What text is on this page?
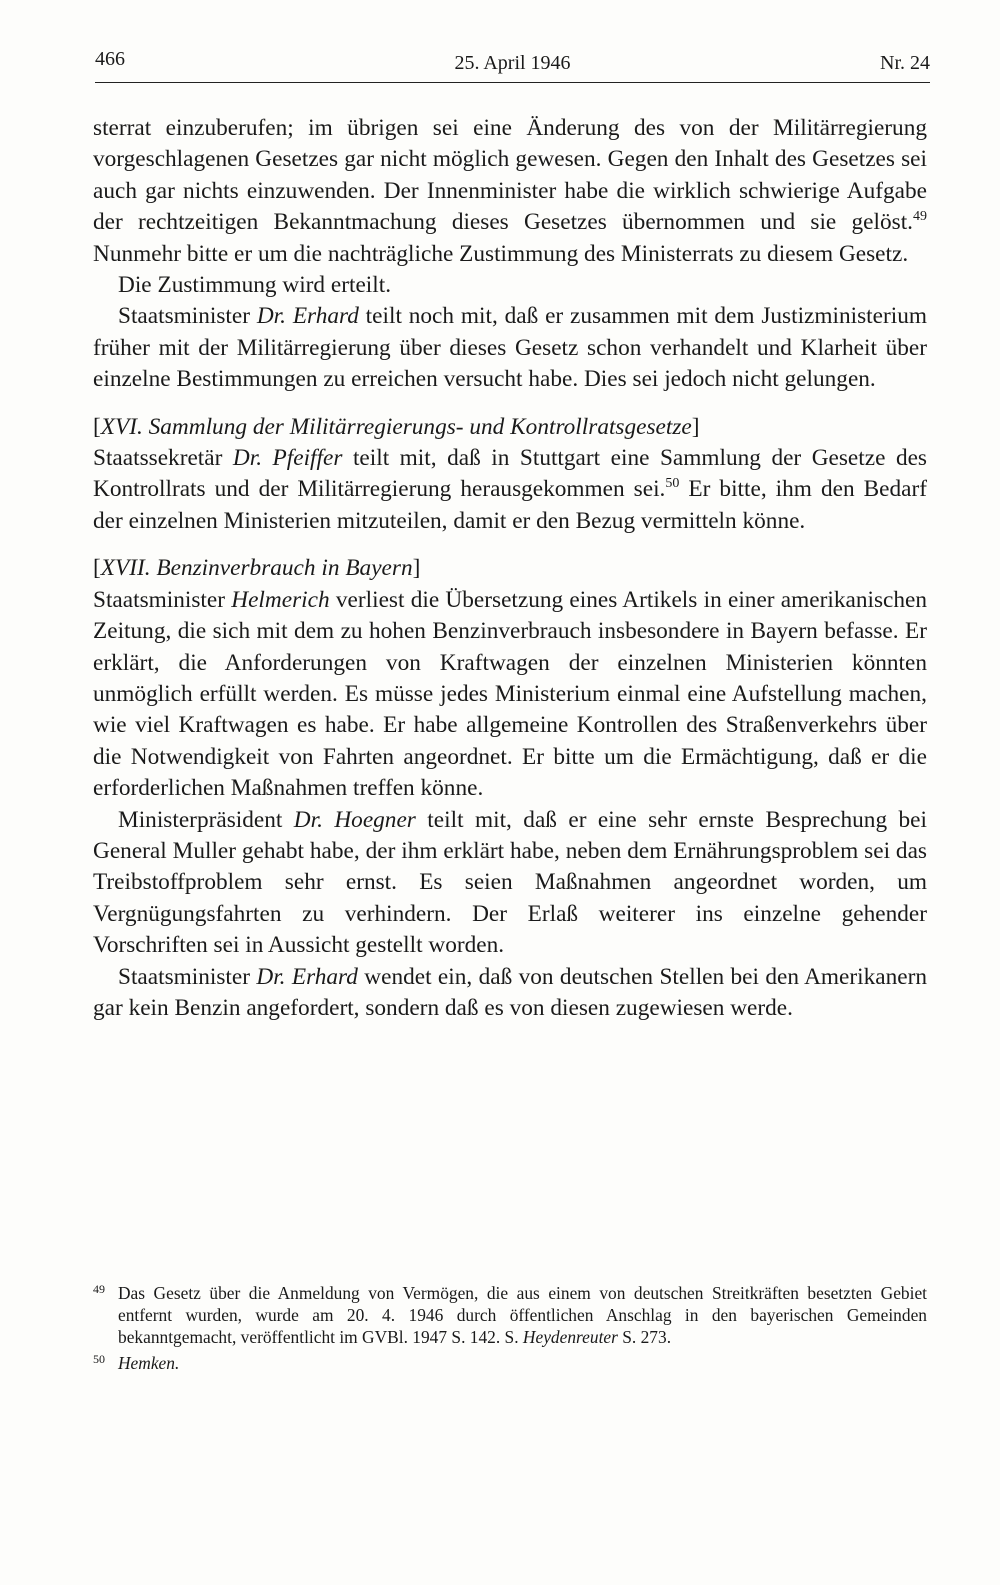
466	25. April 1946	Nr. 24

sterrat einzuberufen; im übrigen sei eine Änderung des von der Militärregierung vorgeschlagenen Gesetzes gar nicht möglich gewesen. Gegen den Inhalt des Gesetzes sei auch gar nichts einzuwenden. Der Innenminister habe die wirklich schwierige Aufgabe der rechtzeitigen Bekanntmachung dieses Gesetzes übernommen und sie gelöst.$^{49}$ Nunmehr bitte er um die nachträgliche Zustimmung des Ministerrats zu diesem Gesetz.

Die Zustimmung wird erteilt.

Staatsminister Dr. Erhard teilt noch mit, daß er zusammen mit dem Justizministerium früher mit der Militärregierung über dieses Gesetz schon verhandelt und Klarheit über einzelne Bestimmungen zu erreichen versucht habe. Dies sei jedoch nicht gelungen.

[XVI. Sammlung der Militärregierungs- und Kontrollratsgesetze]

Staatssekretär Dr. Pfeiffer teilt mit, daß in Stuttgart eine Sammlung der Gesetze des Kontrollrats und der Militärregierung herausgekommen sei.$^{50}$ Er bitte, ihm den Bedarf der einzelnen Ministerien mitzuteilen, damit er den Bezug vermitteln könne.

[XVII. Benzinverbrauch in Bayern]

Staatsminister Helmerich verliest die Übersetzung eines Artikels in einer amerikanischen Zeitung, die sich mit dem zu hohen Benzinverbrauch insbesondere in Bayern befasse. Er erklärt, die Anforderungen von Kraftwagen der einzelnen Ministerien könnten unmöglich erfüllt werden. Es müsse jedes Ministerium einmal eine Aufstellung machen, wie viel Kraftwagen es habe. Er habe allgemeine Kontrollen des Straßenverkehrs über die Notwendigkeit von Fahrten angeordnet. Er bitte um die Ermächtigung, daß er die erforderlichen Maßnahmen treffen könne.

Ministerpräsident Dr. Hoegner teilt mit, daß er eine sehr ernste Besprechung bei General Muller gehabt habe, der ihm erklärt habe, neben dem Ernährungsproblem sei das Treibstoffproblem sehr ernst. Es seien Maßnahmen angeordnet worden, um Vergnügungsfahrten zu verhindern. Der Erlaß weiterer ins einzelne gehender Vorschriften sei in Aussicht gestellt worden.

Staatsminister Dr. Erhard wendet ein, daß von deutschen Stellen bei den Amerikanern gar kein Benzin angefordert, sondern daß es von diesen zugewiesen werde.

49 Das Gesetz über die Anmeldung von Vermögen, die aus einem von deutschen Streitkräften besetzten Gebiet entfernt wurden, wurde am 20. 4. 1946 durch öffentlichen Anschlag in den bayerischen Gemeinden bekanntgemacht, veröffentlicht im GVBl. 1947 S. 142. S. Heydenreuter S. 273.

50 Hemken.
